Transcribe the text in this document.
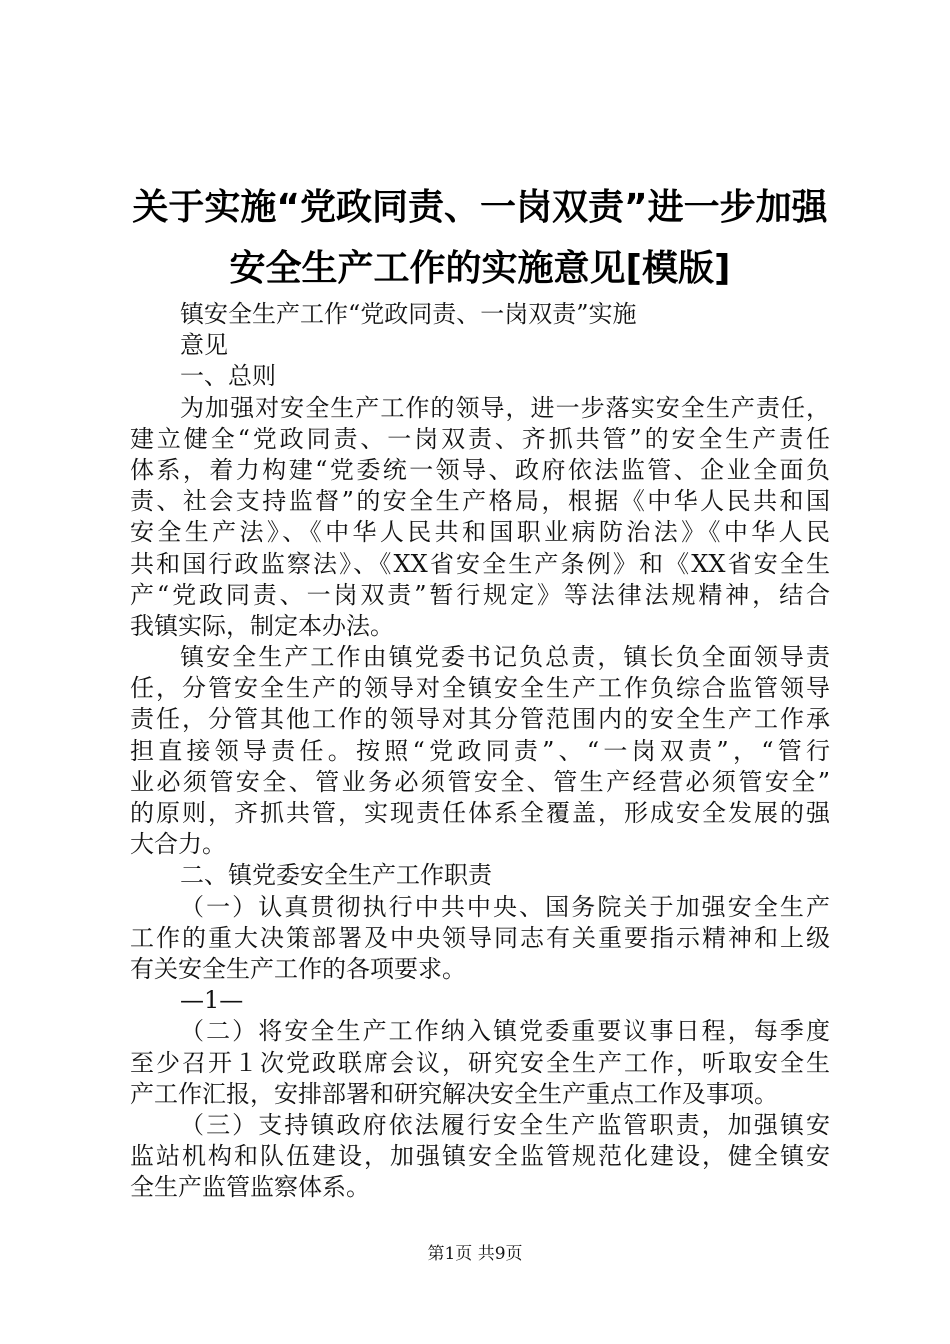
关于实施“党政同责、一岗双责”进一步加强
安全生产工作的实施意见[模版]
镇安全生产工作“党政同责、一岗双责”实施
意见
一、总则
为加强对安全生产工作的领导，进一步落实安全生产责任，
建立健全“党政同责、一岗双责、齐抓共管”的安全生产责任
体系，着力构建“党委统一领导、政府依法监管、企业全面负
责、社会支持监督”的安全生产格局，根据《中华人民共和国
安全生产法》、《中华人民共和国职业病防治法》《中华人民
共和国行政监察法》、《XX省安全生产条例》和《XX省安全生
产“党政同责、一岗双责”暂行规定》等法律法规精神，结合
我镇实际，制定本办法。
镇安全生产工作由镇党委书记负总责，镇长负全面领导责
任，分管安全生产的领导对全镇安全生产工作负综合监管领导
责任，分管其他工作的领导对其分管范围内的安全生产工作承
担直接领导责任。按照“党政同责”、“一岗双责”，“管行
业必须管安全、管业务必须管安全、管生产经营必须管安全”
的原则，齐抓共管，实现责任体系全覆盖，形成安全发展的强
大合力。
二、镇党委安全生产工作职责
（一）认真贯彻执行中共中央、国务院关于加强安全生产
工作的重大决策部署及中央领导同志有关重要指示精神和上级
有关安全生产工作的各项要求。
—1—
（二）将安全生产工作纳入镇党委重要议事日程，每季度
至少召开１次党政联席会议，研究安全生产工作，听取安全生
产工作汇报，安排部署和研究解决安全生产重点工作及事项。
（三）支持镇政府依法履行安全生产监管职责，加强镇安
监站机构和队伍建设，加强镇安全监管规范化建设，健全镇安
全生产监管监察体系。
第1页 共9页
